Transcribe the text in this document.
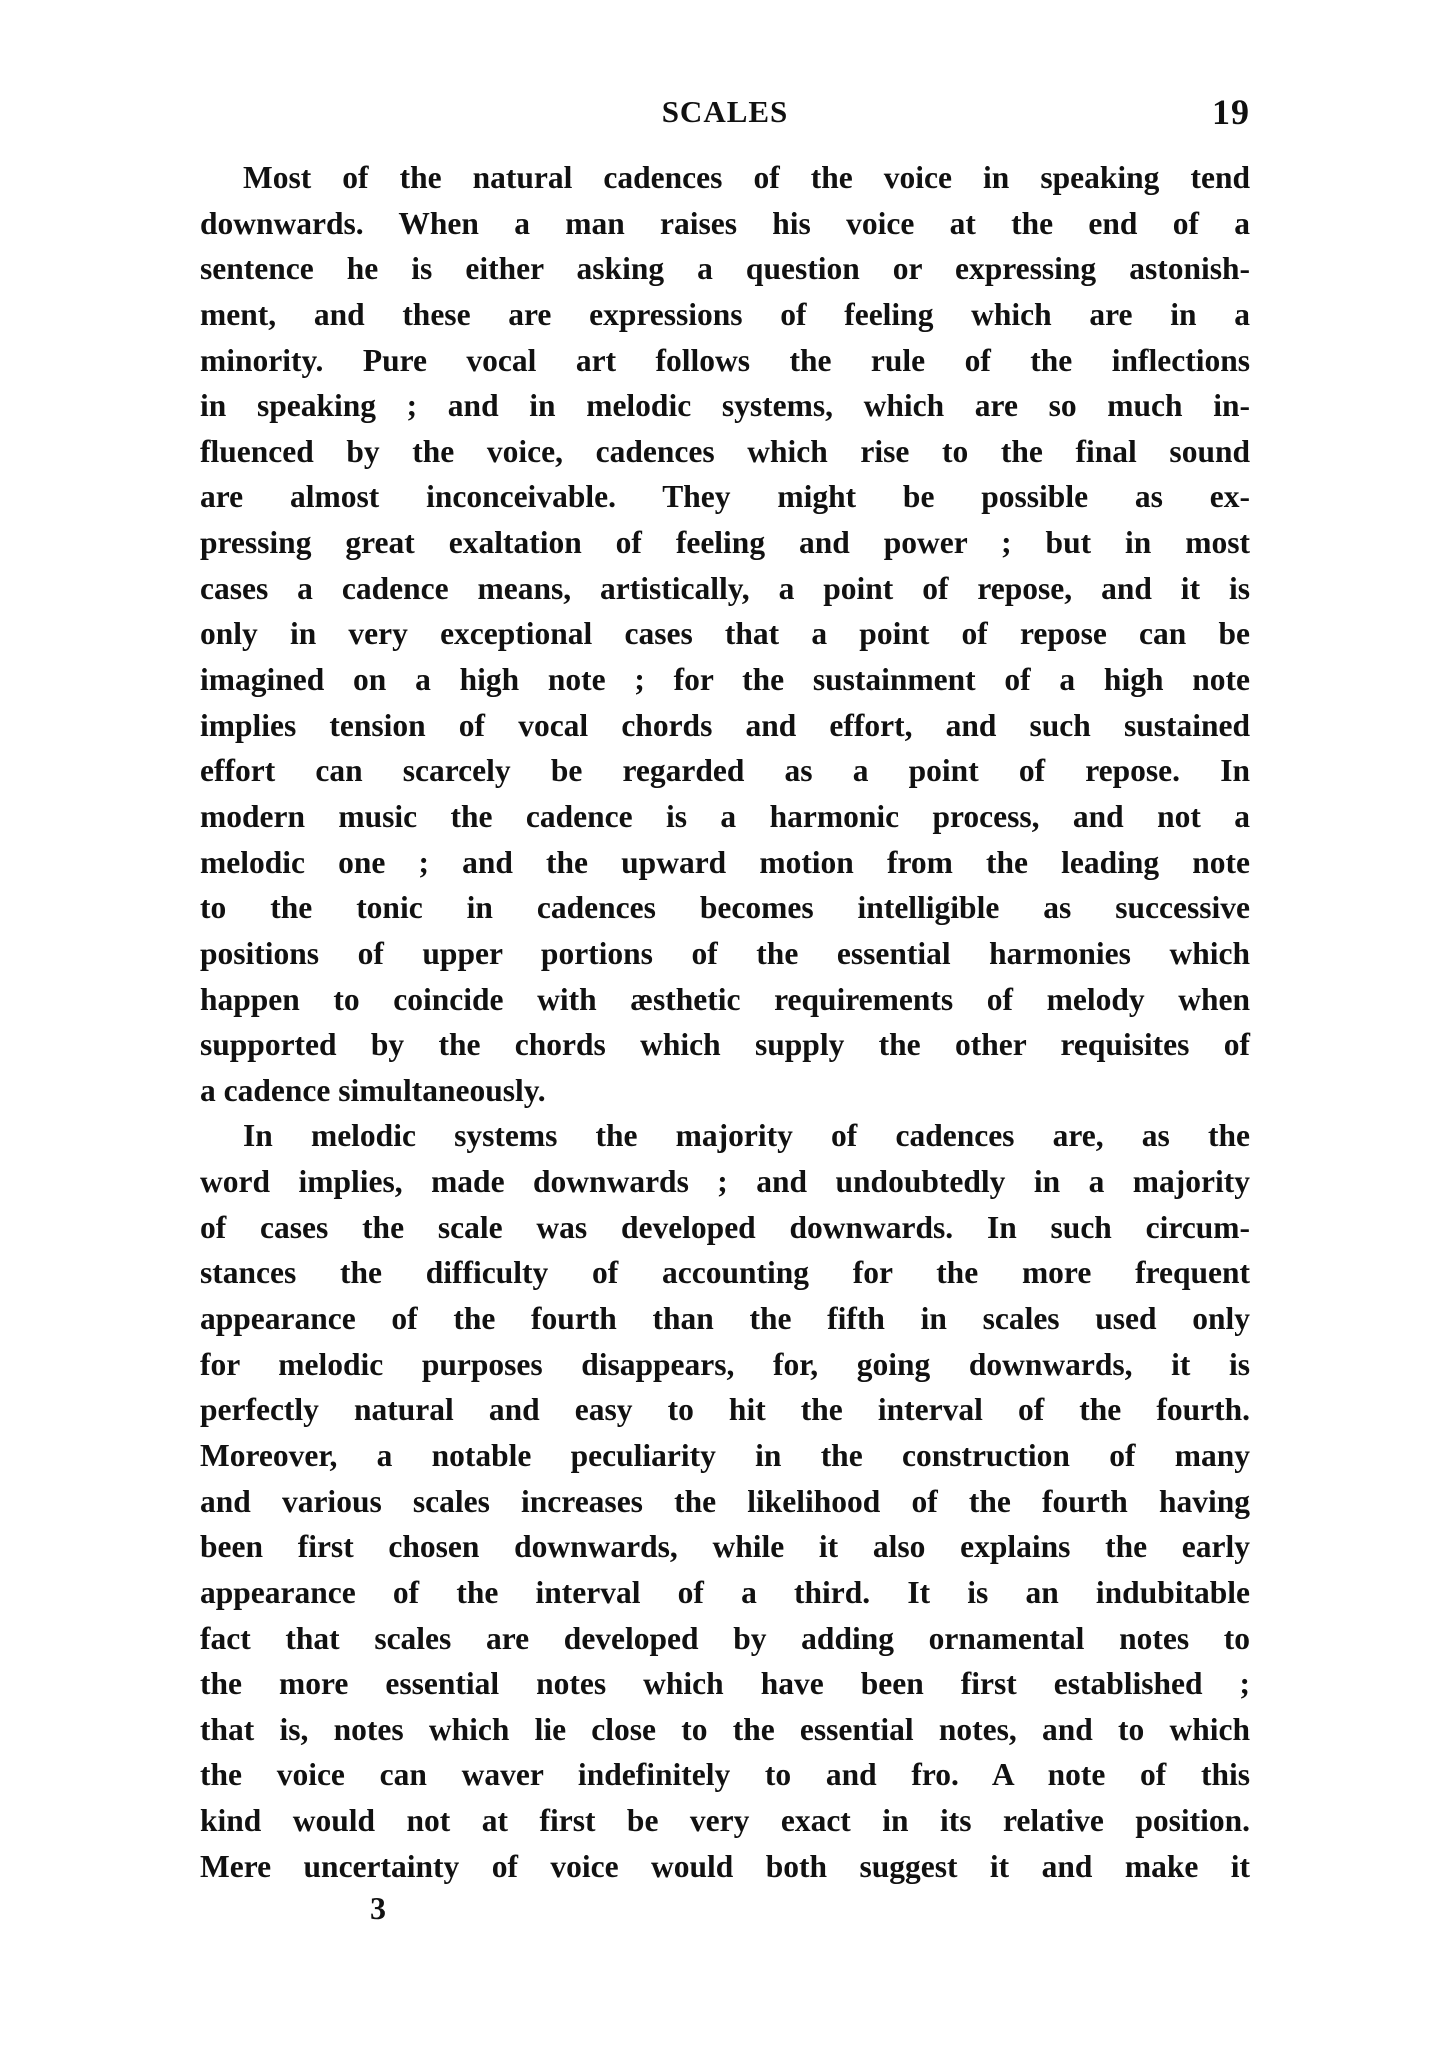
SCALES	19
Most of the natural cadences of the voice in speaking tend
downwards. When a man raises his voice at the end of a
sentence he is either asking a question or expressing astonish-
ment, and these are expressions of feeling which are in a
minority. Pure vocal art follows the rule of the inflections
in speaking ; and in melodic systems, which are so much in-
fluenced by the voice, cadences which rise to the final sound
are almost inconceivable. They might be possible as ex-
pressing great exaltation of feeling and power ; but in most
cases a cadence means, artistically, a point of repose, and it is
only in very exceptional cases that a point of repose can be
imagined on a high note ; for the sustainment of a high note
implies tension of vocal chords and effort, and such sustained
effort can scarcely be regarded as a point of repose. In
modern music the cadence is a harmonic process, and not a
melodic one ; and the upward motion from the leading note
to the tonic in cadences becomes intelligible as successive
positions of upper portions of the essential harmonies which
happen to coincide with æsthetic requirements of melody when
supported by the chords which supply the other requisites of
a cadence simultaneously.
In melodic systems the majority of cadences are, as the
word implies, made downwards ; and undoubtedly in a majority
of cases the scale was developed downwards. In such circum-
stances the difficulty of accounting for the more frequent
appearance of the fourth than the fifth in scales used only
for melodic purposes disappears, for, going downwards, it is
perfectly natural and easy to hit the interval of the fourth.
Moreover, a notable peculiarity in the construction of many
and various scales increases the likelihood of the fourth having
been first chosen downwards, while it also explains the early
appearance of the interval of a third. It is an indubitable
fact that scales are developed by adding ornamental notes to
the more essential notes which have been first established ;
that is, notes which lie close to the essential notes, and to which
the voice can waver indefinitely to and fro. A note of this
kind would not at first be very exact in its relative position.
Mere uncertainty of voice would both suggest it and make it
3
